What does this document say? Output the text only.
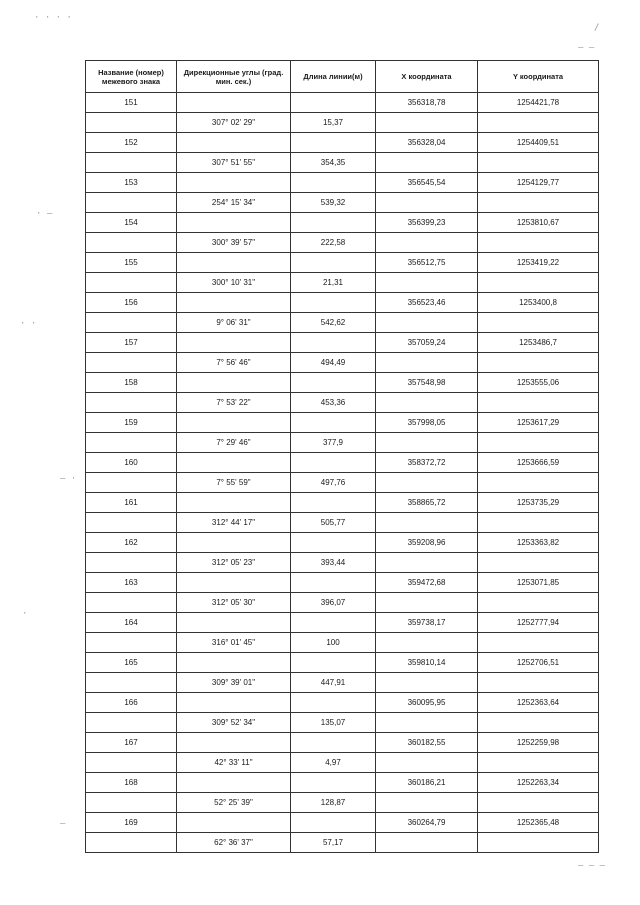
Название (номер) межевого знака	Дирекционные углы (град. мин. сек.)	Длина линии(м)	X координата	Y координата
151			356318,78	1254421,78
	307° 02' 29"	15,37		
152			356328,04	1254409,51
	307° 51' 55"	354,35		
153			356545,54	1254129,77
	254° 15' 34"	539,32		
154			356399,23	1253810,67
	300° 39' 57"	222,58		
155			356512,75	1253419,22
	300° 10' 31"	21,31		
156			356523,46	1253400,8
	9° 06' 31"	542,62		
157			357059,24	1253486,7
	7° 56' 46"	494,49		
158			357548,98	1253555,06
	7° 53' 22"	453,36		
159			357998,05	1253617,29
	7° 29' 46"	377,9		
160			358372,72	1253666,59
	7° 55' 59"	497,76		
161			358865,72	1253735,29
	312° 44' 17"	505,77		
162			359208,96	1253363,82
	312° 05' 23"	393,44		
163			359472,68	1253071,85
	312° 05' 30"	396,07		
164			359738,17	1252777,94
	316° 01' 45"	100		
165			359810,14	1252706,51
	309° 39' 01"	447,91		
166			360095,95	1252363,64
	309° 52' 34"	135,07		
167			360182,55	1252259,98
	42° 33' 11"	4,97		
168			360186,21	1252263,34
	52° 25' 39"	128,87		
169			360264,79	1252365,48
	62° 36' 37"	57,17		
· · · ·
/
– –
· –
· ·
– ·
·
–
– – –
